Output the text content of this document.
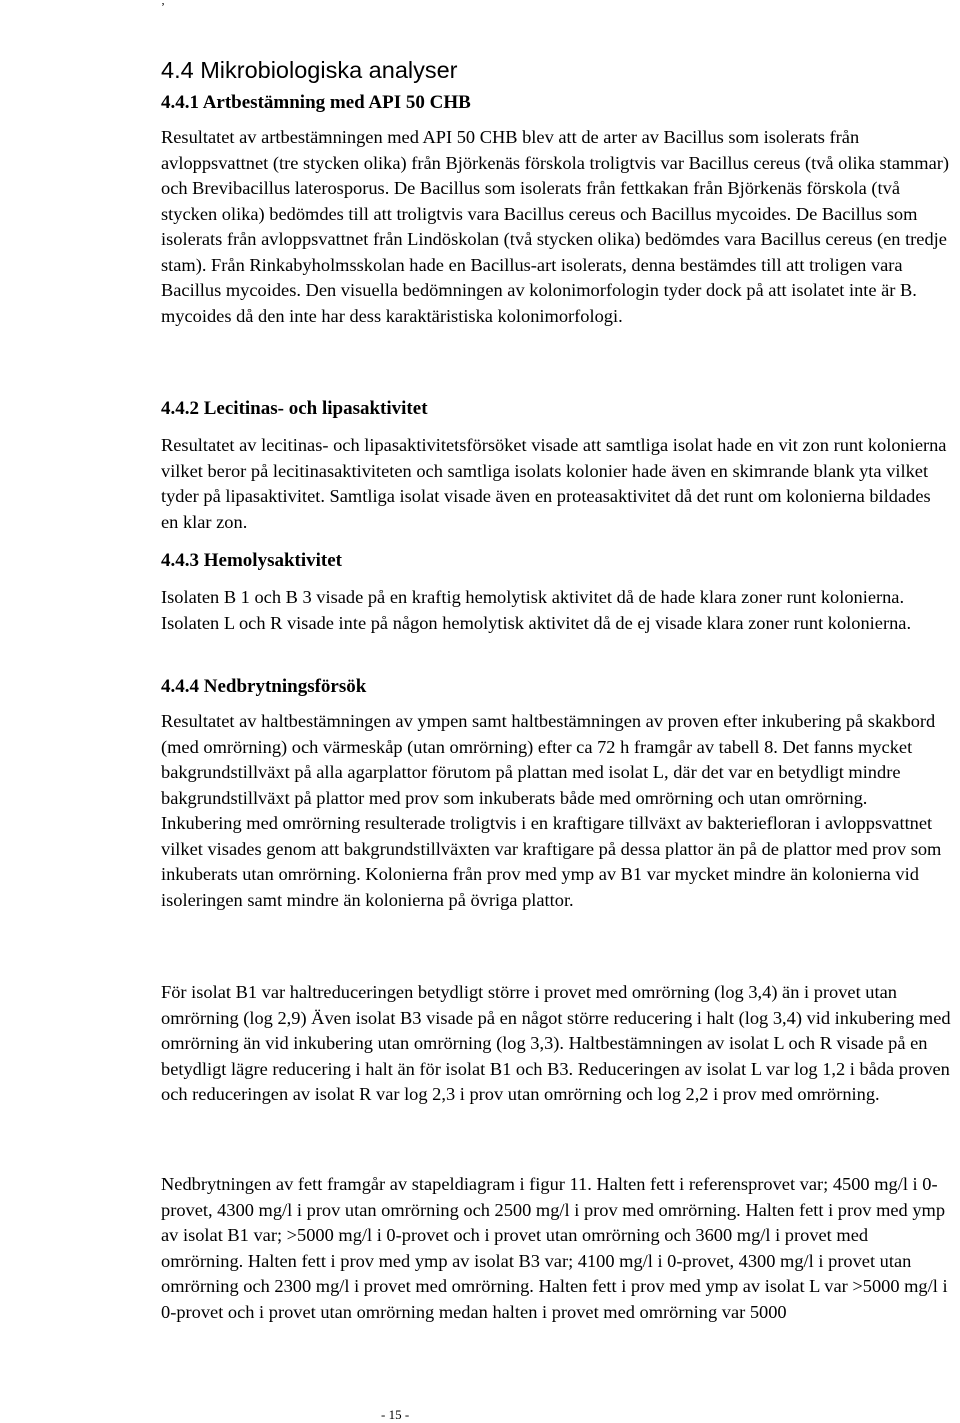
‚
4.4 Mikrobiologiska analyser
4.4.1 Artbestämning med API 50 CHB

Resultatet av artbestämningen med API 50 CHB blev att de arter av Bacillus som isolerats från avloppsvattnet (tre stycken olika) från Björkenäs förskola troligtvis var Bacillus cereus (två olika stammar) och Brevibacillus laterosporus. De Bacillus som isolerats från fettkakan från Björkenäs förskola (två stycken olika) bedömdes till att troligtvis vara Bacillus cereus och Bacillus mycoides. De Bacillus som isolerats från avloppsvattnet från Lindöskolan (två stycken olika) bedömdes vara Bacillus cereus (en tredje stam). Från Rinkabyholmsskolan hade en Bacillus-art isolerats, denna bestämdes till att troligen vara Bacillus mycoides. Den visuella bedömningen av kolonimorfologin tyder dock på att isolatet inte är B. mycoides då den inte har dess karaktäristiska kolonimorfologi.

4.4.2 Lecitinas- och lipasaktivitet

Resultatet av lecitinas- och lipasaktivitetsförsöket visade att samtliga isolat hade en vit zon runt kolonierna vilket beror på lecitinasaktiviteten och samtliga isolats kolonier hade även en skimrande blank yta vilket tyder på lipasaktivitet. Samtliga isolat visade även en proteasaktivitet då det runt om kolonierna bildades en klar zon.

4.4.3 Hemolysaktivitet

Isolaten B 1 och B 3 visade på en kraftig hemolytisk aktivitet då de hade klara zoner runt kolonierna. Isolaten L och R visade inte på någon hemolytisk aktivitet då de ej visade klara zoner runt kolonierna.

4.4.4 Nedbrytningsförsök

Resultatet av haltbestämningen av ympen samt haltbestämningen av proven efter inkubering på skakbord (med omrörning) och värmeskåp (utan omrörning) efter ca 72 h framgår av tabell 8. Det fanns mycket bakgrundstillväxt på alla agarplattor förutom på plattan med isolat L, där det var en betydligt mindre bakgrundstillväxt på plattor med prov som inkuberats både med omrörning och utan omrörning. Inkubering med omrörning resulterade troligtvis i en kraftigare tillväxt av bakteriefloran i avloppsvattnet vilket visades genom att bakgrundstillväxten var kraftigare på dessa plattor än på de plattor med prov som inkuberats utan omrörning. Kolonierna från prov med ymp av B1 var mycket mindre än kolonierna vid isoleringen samt mindre än kolonierna på övriga plattor.

För isolat B1 var haltreduceringen betydligt större i provet med omrörning (log 3,4) än i provet utan omrörning (log 2,9) Även isolat B3 visade på en något större reducering i halt (log 3,4) vid inkubering med omrörning än vid inkubering utan omrörning (log 3,3). Haltbestämningen av isolat L och R visade på en betydligt lägre reducering i halt än för isolat B1 och B3. Reduceringen av isolat L var log 1,2 i båda proven och reduceringen av isolat R var log 2,3 i prov utan omrörning och log 2,2 i prov med omrörning.

Nedbrytningen av fett framgår av stapeldiagram i figur 11. Halten fett i referensprovet var; 4500 mg/l i 0-provet, 4300 mg/l i prov utan omrörning och 2500 mg/l i prov med omrörning. Halten fett i prov med ymp av isolat B1 var; >5000 mg/l i 0-provet och i provet utan omrörning och 3600 mg/l i provet med omrörning. Halten fett i prov med ymp av isolat B3 var; 4100 mg/l i 0-provet, 4300 mg/l i provet utan omrörning och 2300 mg/l i provet med omrörning. Halten fett i prov med ymp av isolat L var >5000 mg/l i 0-provet och i provet utan omrörning medan halten i provet med omrörning var 5000

- 15 -
